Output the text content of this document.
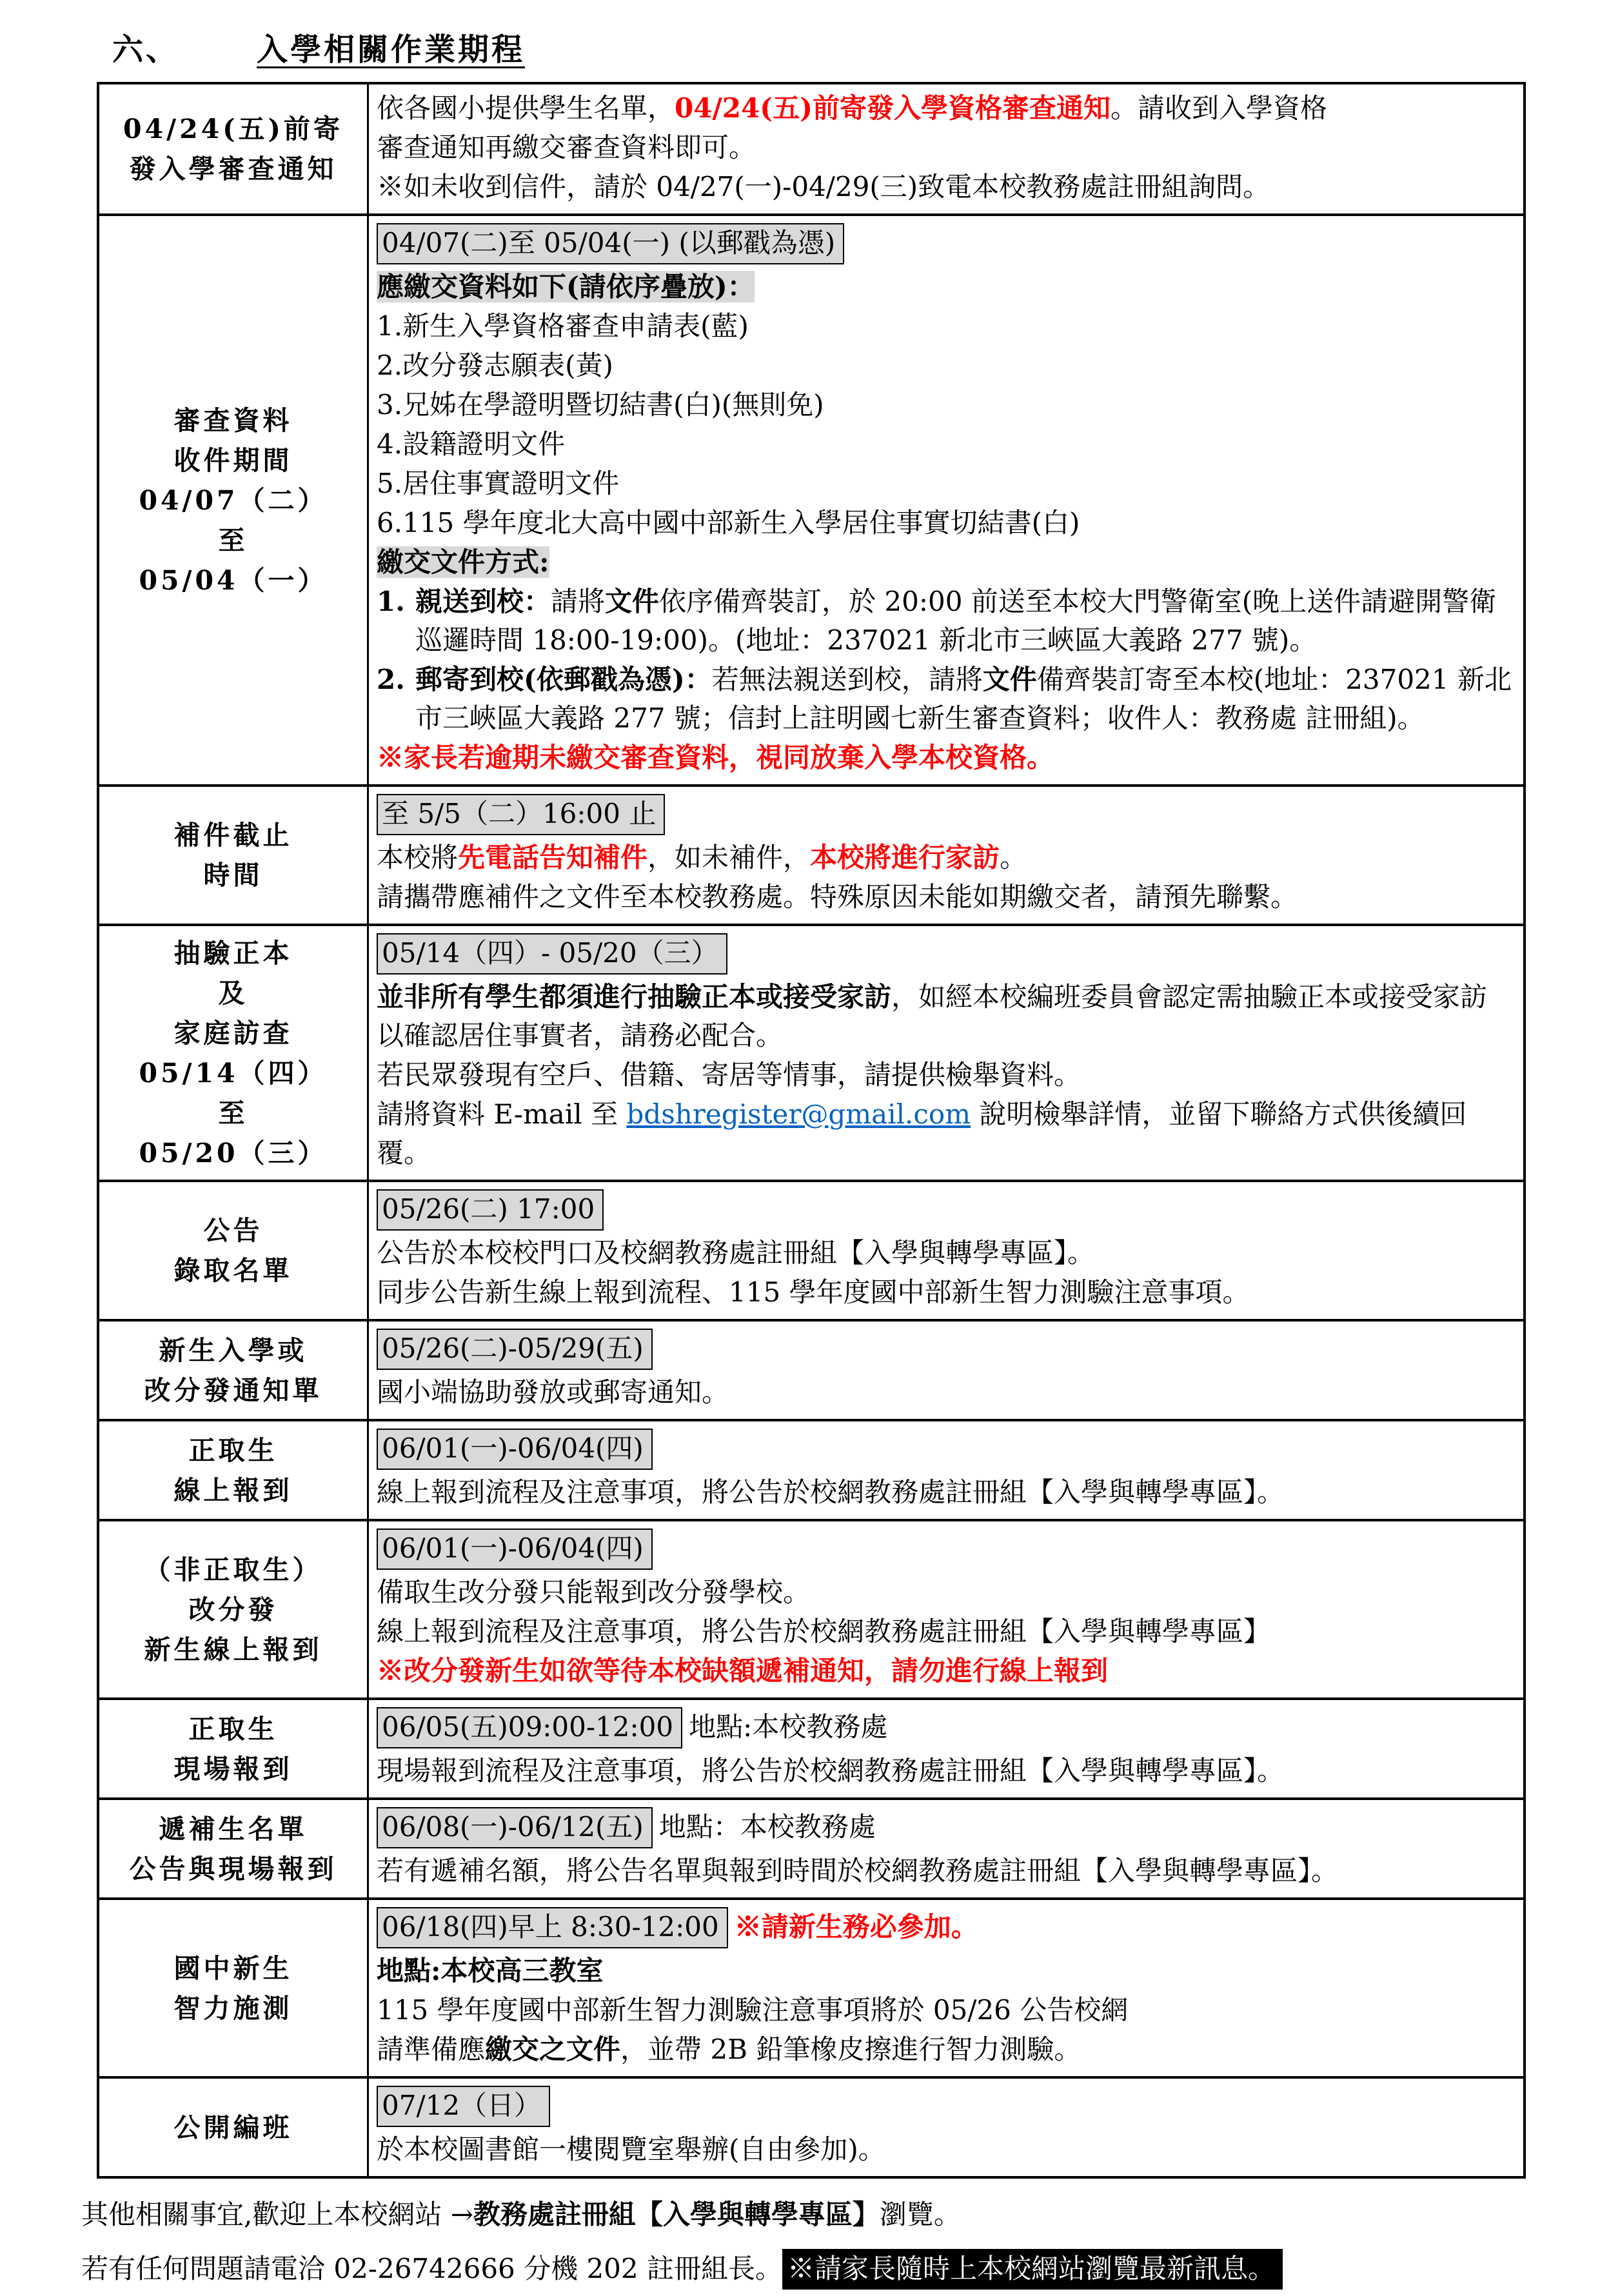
六、	入學相關作業期程
04/24(五)前寄
發入學審查通知
依各國小提供學生名單，04/24(五)前寄發入學資格審查通知。請收到入學資格
審查通知再繳交審查資料即可。
※如未收到信件，請於 04/27(一)-04/29(三)致電本校教務處註冊組詢問。
審查資料
收件期間
04/07（二）
至
05/04（一）
04/07(二)至 05/04(一) (以郵戳為憑)
應繳交資料如下(請依序疊放)：
1.新生入學資格審查申請表(藍)
2.改分發志願表(黃)
3.兄姊在學證明暨切結書(白)(無則免)
4.設籍證明文件
5.居住事實證明文件
6.115 學年度北大高中國中部新生入學居住事實切結書(白)
繳交文件方式:
1. 親送到校：請將文件依序備齊裝訂，於 20:00 前送至本校大門警衛室(晚上送件請避開警衛巡邏時間 18:00-19:00)。(地址：237021 新北市三峽區大義路 277 號)。
2. 郵寄到校(依郵戳為憑)：若無法親送到校，請將文件備齊裝訂寄至本校(地址：237021 新北市三峽區大義路 277 號；信封上註明國七新生審查資料；收件人：教務處 註冊組)。
※家長若逾期未繳交審查資料，視同放棄入學本校資格。
補件截止
時間
至 5/5（二）16:00 止
本校將先電話告知補件，如未補件，本校將進行家訪。
請攜帶應補件之文件至本校教務處。特殊原因未能如期繳交者，請預先聯繫。
抽驗正本
及
家庭訪查
05/14（四）
至
05/20（三）
05/14（四）- 05/20（三）
並非所有學生都須進行抽驗正本或接受家訪，如經本校編班委員會認定需抽驗正本或接受家訪以確認居住事實者，請務必配合。
若民眾發現有空戶、借籍、寄居等情事，請提供檢舉資料。
請將資料 E-mail 至 bdshregister@gmail.com 說明檢舉詳情，並留下聯絡方式供後續回覆。
公告
錄取名單
05/26(二) 17:00
公告於本校校門口及校網教務處註冊組【入學與轉學專區】。
同步公告新生線上報到流程、115 學年度國中部新生智力測驗注意事項。
新生入學或
改分發通知單
05/26(二)-05/29(五)
國小端協助發放或郵寄通知。
正取生
線上報到
06/01(一)-06/04(四)
線上報到流程及注意事項，將公告於校網教務處註冊組【入學與轉學專區】。
（非正取生）
改分發
新生線上報到
06/01(一)-06/04(四)
備取生改分發只能報到改分發學校。
線上報到流程及注意事項，將公告於校網教務處註冊組【入學與轉學專區】
※改分發新生如欲等待本校缺額遞補通知，請勿進行線上報到
正取生
現場報到
06/05(五)09:00-12:00 地點:本校教務處
現場報到流程及注意事項，將公告於校網教務處註冊組【入學與轉學專區】。
遞補生名單
公告與現場報到
06/08(一)-06/12(五) 地點：本校教務處
若有遞補名額，將公告名單與報到時間於校網教務處註冊組【入學與轉學專區】。
國中新生
智力施測
06/18(四)早上 8:30-12:00 ※請新生務必參加。
地點:本校高三教室
115 學年度國中部新生智力測驗注意事項將於 05/26 公告校網
請準備應繳交之文件，並帶 2B 鉛筆橡皮擦進行智力測驗。
公開編班
07/12（日）
於本校圖書館一樓閱覽室舉辦(自由參加)。
其他相關事宜,歡迎上本校網站 →教務處註冊組【入學與轉學專區】瀏覽。
若有任何問題請電洽 02-26742666 分機 202 註冊組長。 ※請家長隨時上本校網站瀏覽最新訊息。
